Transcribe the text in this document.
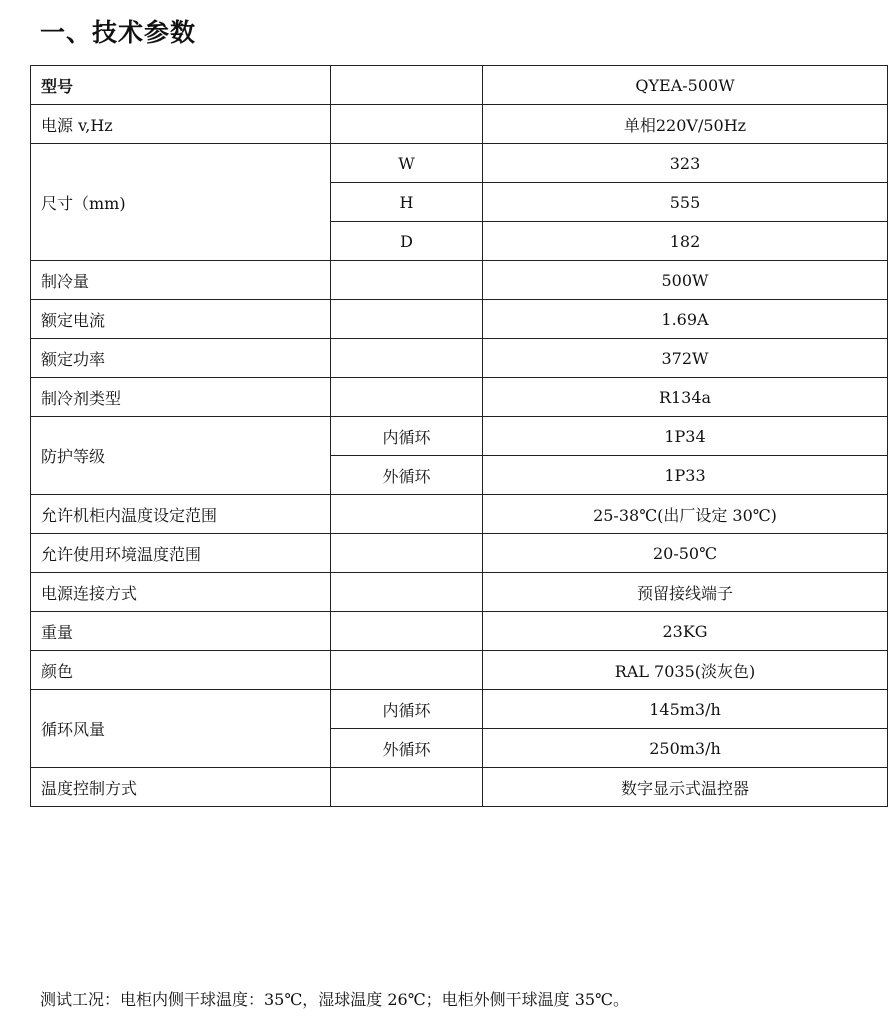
一、技术参数
型号		QYEA-500W
电源 v,Hz		单相220V/50Hz
尺寸（mm)	W	323
	H	555
	D	182
制冷量		500W
额定电流		1.69A
额定功率		372W
制冷剂类型		R134a
防护等级	内循环	1P34
	外循环	1P33
允许机柜内温度设定范围		25-38℃(出厂设定 30℃)
允许使用环境温度范围		20-50℃
电源连接方式		预留接线端子
重量		23KG
颜色		RAL 7035(淡灰色)
循环风量	内循环	145m3/h
	外循环	250m3/h
温度控制方式		数字显示式温控器

测试工况：电柜内侧干球温度：35℃，湿球温度 26℃；电柜外侧干球温度 35℃。
